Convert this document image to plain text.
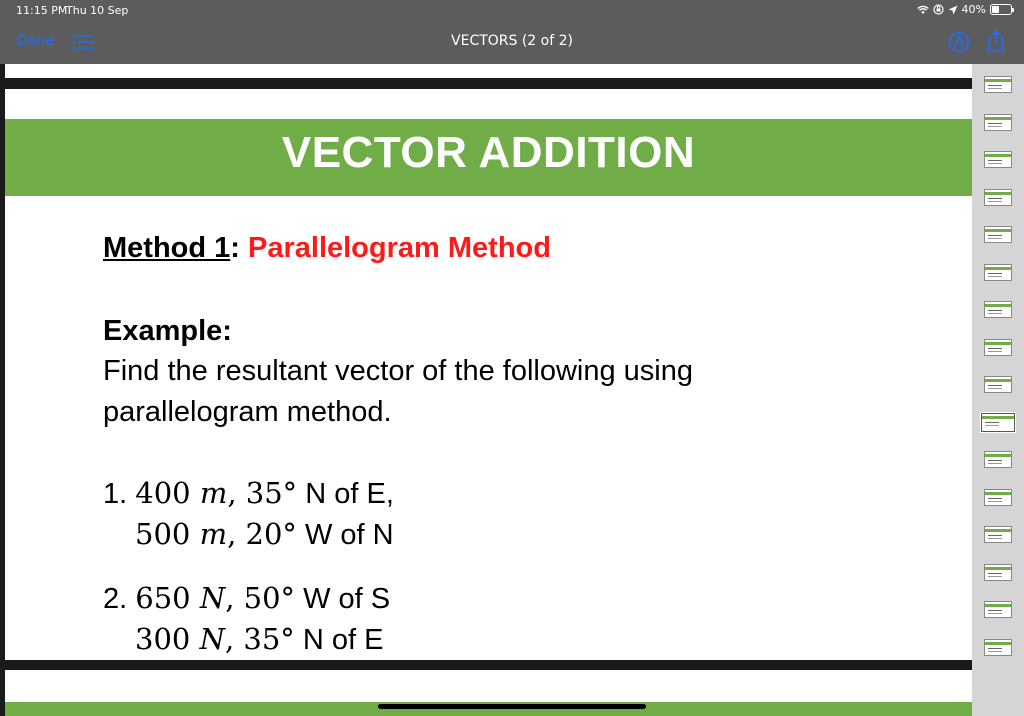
11:15 PM
Thu 10 Sep	40%
Done	VECTORS (2 of 2)
VECTOR ADDITION
Method 1: Parallelogram Method
Example:
Find the resultant vector of the following using
parallelogram method.
1. 400 m, 35° N of E,
500 m, 20° W of N
2. 650 N, 50° W of S
300 N, 35° N of E
